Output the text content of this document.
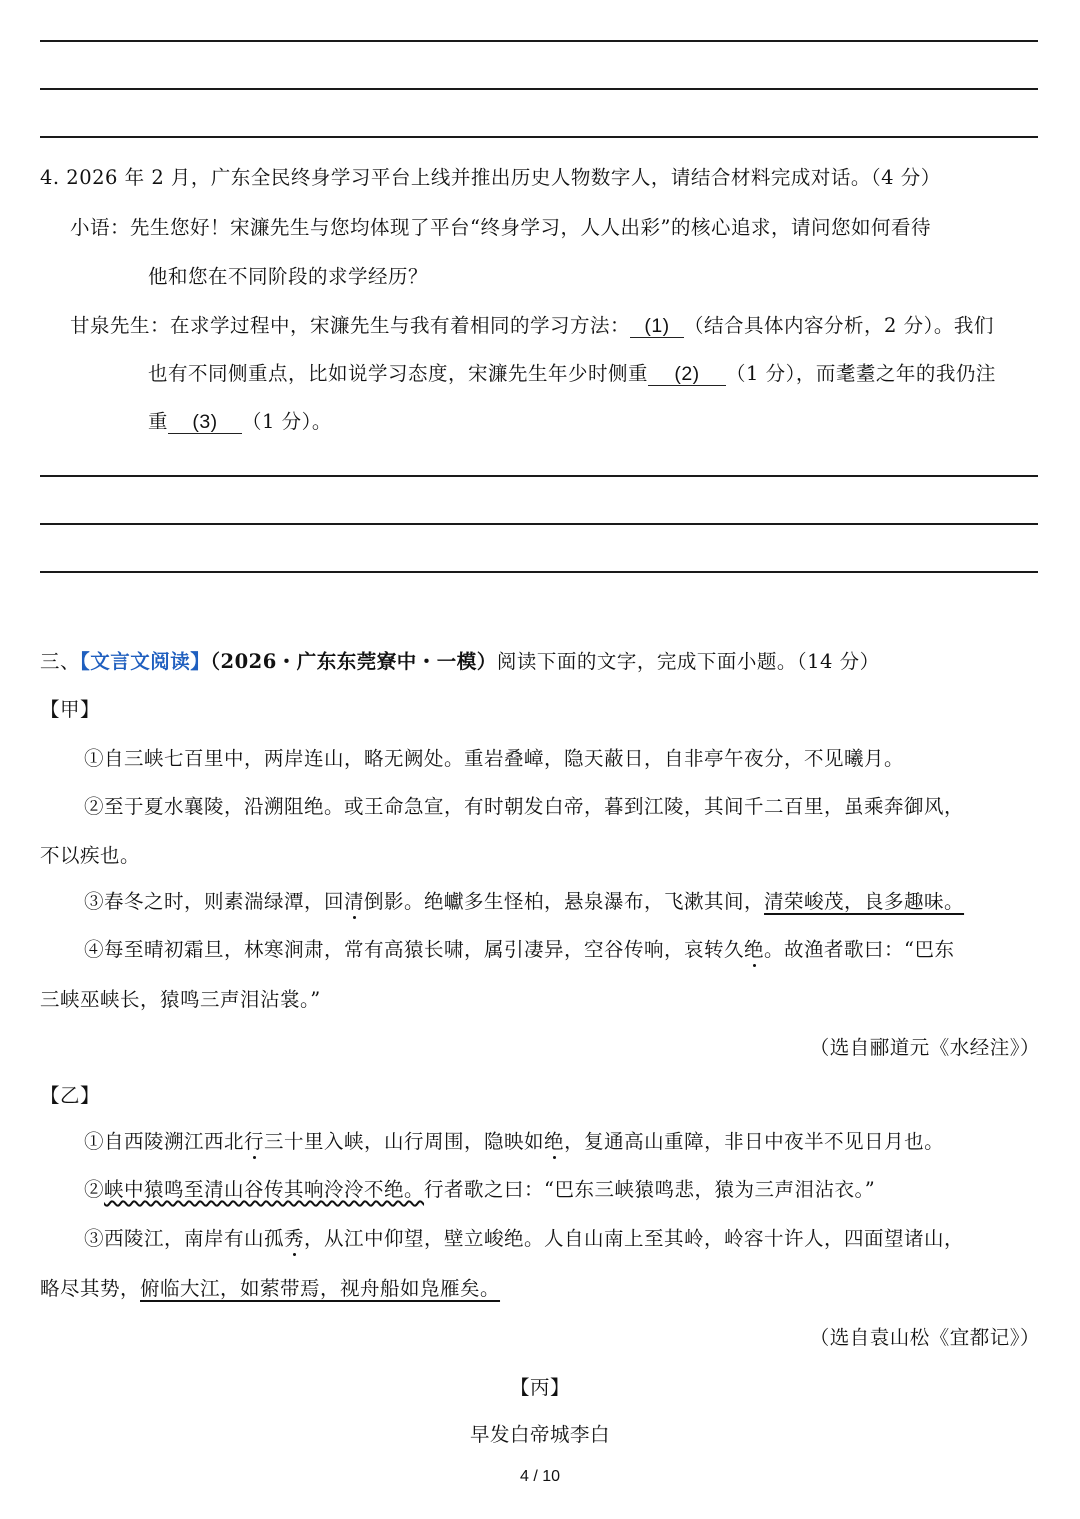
4. 2026 年 2 月，广东全民终身学习平台上线并推出历史人物数字人，请结合材料完成对话。（4 分）
小语：先生您好！宋濂先生与您均体现了平台“终身学习，人人出彩”的核心追求，请问您如何看待
他和您在不同阶段的求学经历？
甘泉先生：在求学过程中，宋濂先生与我有着相同的学习方法： (1) （结合具体内容分析，2 分）。我们
也有不同侧重点，比如说学习态度，宋濂先生年少时侧重 (2) （1 分），而耄耋之年的我仍注
重 (3) （1 分）。
三、【文言文阅读】（2026・广东东莞寮中・一模）阅读下面的文字，完成下面小题。（14 分）
【甲】
①自三峡七百里中，两岸连山，略无阙处。重岩叠嶂，隐天蔽日，自非亭午夜分，不见曦月。
②至于夏水襄陵，沿溯阻绝。或王命急宣，有时朝发白帝，暮到江陵，其间千二百里，虽乘奔御风，
不以疾也。
③春冬之时，则素湍绿潭，回清倒影。绝巘多生怪柏，悬泉瀑布，飞漱其间，清荣峻茂，良多趣味。
④每至晴初霜旦，林寒涧肃，常有高猿长啸，属引凄异，空谷传响，哀转久绝。故渔者歌曰：“巴东
三峡巫峡长，猿鸣三声泪沾裳。”
（选自郦道元《水经注》）
【乙】
①自西陵溯江西北行三十里入峡，山行周围，隐映如绝，复通高山重障，非日中夜半不见日月也。
②峡中猿鸣至清山谷传其响泠泠不绝。行者歌之曰：“巴东三峡猿鸣悲，猿为三声泪沾衣。”
③西陵江，南岸有山孤秀，从江中仰望，壁立峻绝。人自山南上至其岭，岭容十许人，四面望诸山，
略尽其势，俯临大江，如萦带焉，视舟船如凫雁矣。
（选自袁山松《宜都记》）
【丙】
早发白帝城李白
4 / 10
